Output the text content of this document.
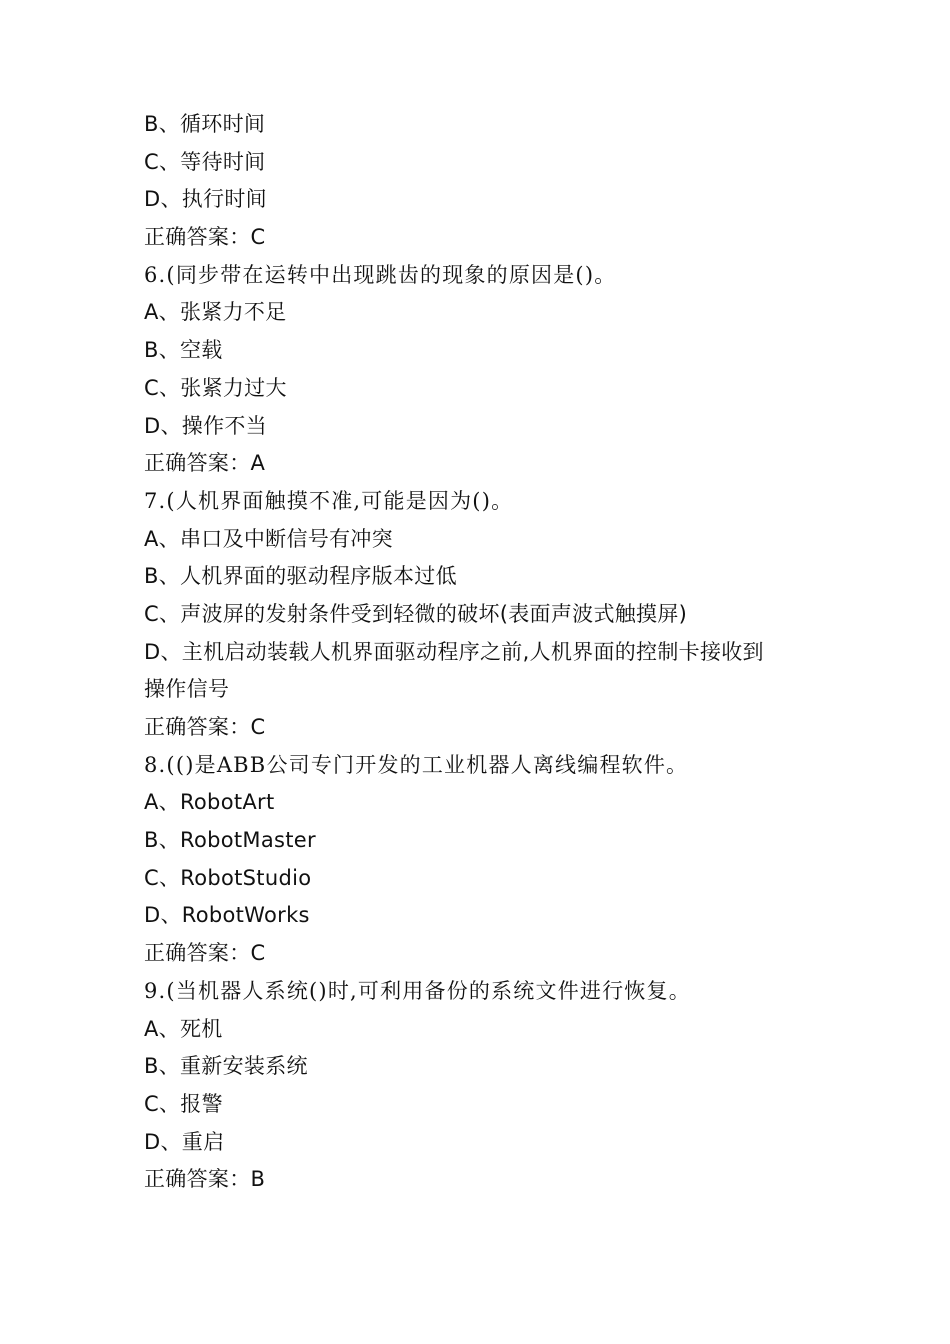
B、循环时间
C、等待时间
D、执行时间
正确答案：C
6.(同步带在运转中出现跳齿的现象的原因是()。
A、张紧力不足
B、空载
C、张紧力过大
D、操作不当
正确答案：A
7.(人机界面触摸不准,可能是因为()。
A、串口及中断信号有冲突
B、人机界面的驱动程序版本过低
C、声波屏的发射条件受到轻微的破坏(表面声波式触摸屏)
D、主机启动装载人机界面驱动程序之前,人机界面的控制卡接收到
操作信号
正确答案：C
8.(()是ABB公司专门开发的工业机器人离线编程软件。
A、RobotArt
B、RobotMaster
C、RobotStudio
D、RobotWorks
正确答案：C
9.(当机器人系统()时,可利用备份的系统文件进行恢复。
A、死机
B、重新安装系统
C、报警
D、重启
正确答案：B
